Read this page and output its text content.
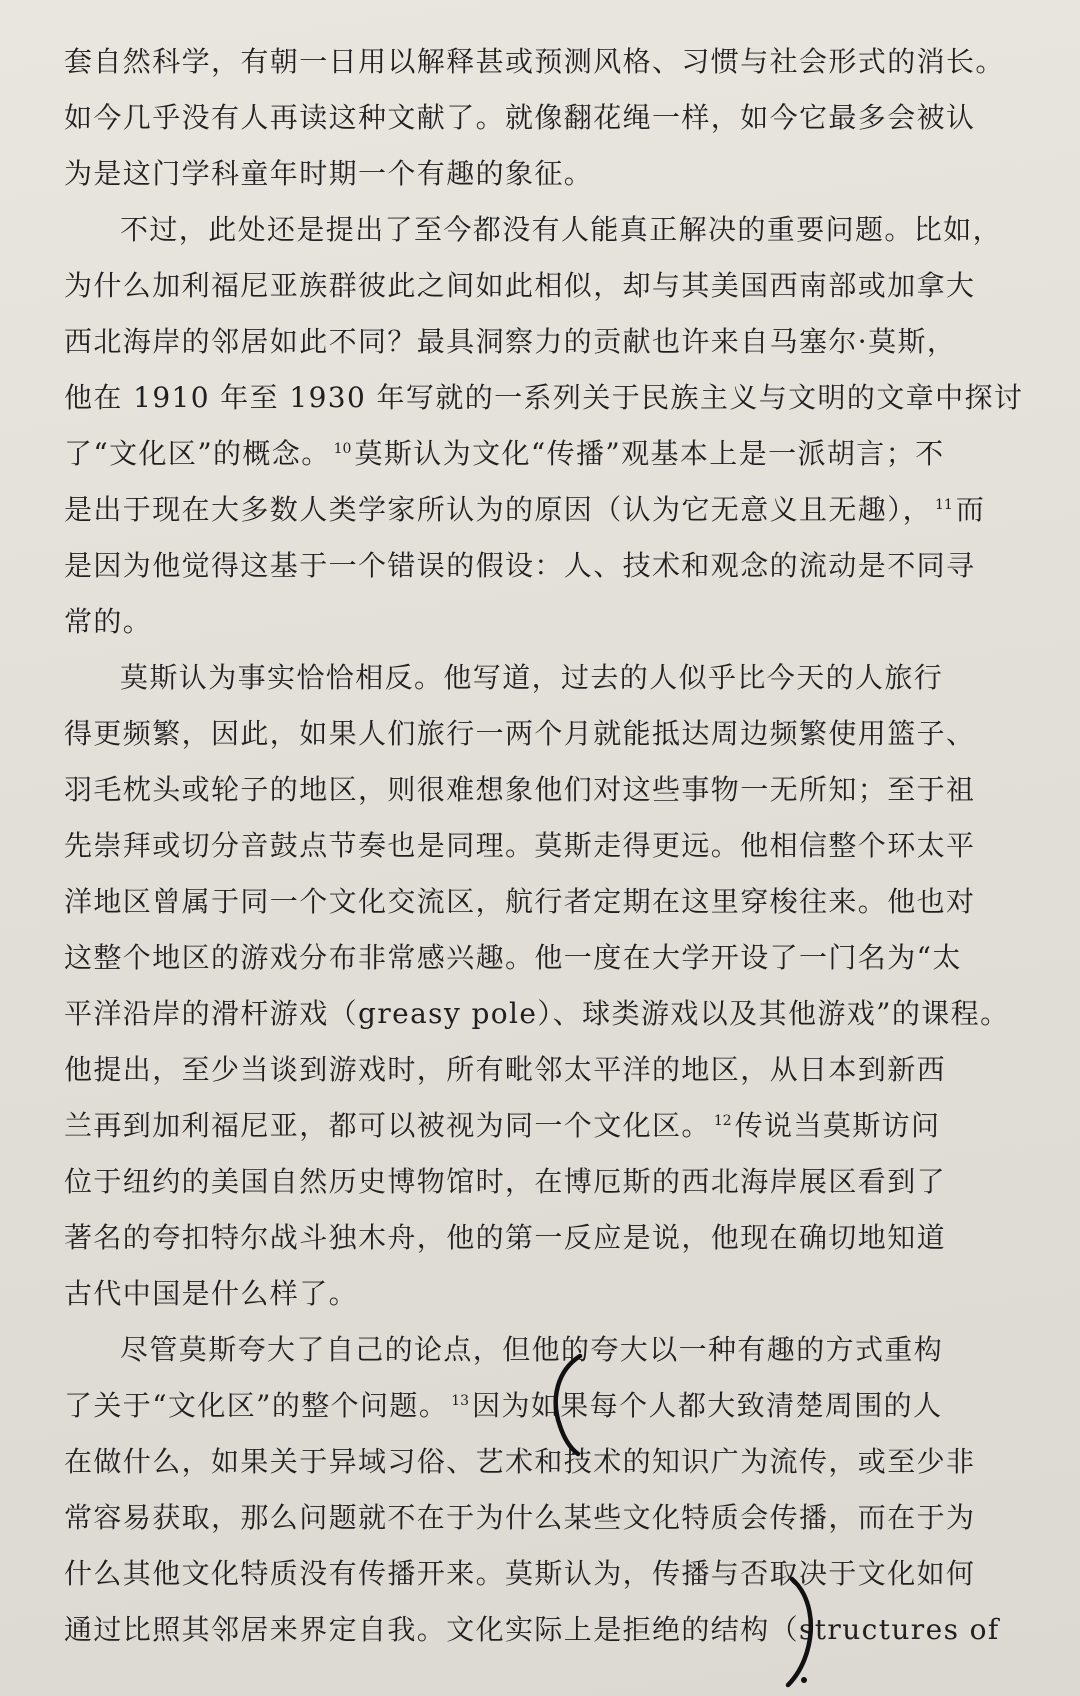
套自然科学，有朝一日用以解释甚或预测风格、习惯与社会形式的消长。
如今几乎没有人再读这种文献了。就像翻花绳一样，如今它最多会被认
为是这门学科童年时期一个有趣的象征。
不过，此处还是提出了至今都没有人能真正解决的重要问题。比如，
为什么加利福尼亚族群彼此之间如此相似，却与其美国西南部或加拿大
西北海岸的邻居如此不同？最具洞察力的贡献也许来自马塞尔·莫斯，
他在 1910 年至 1930 年写就的一系列关于民族主义与文明的文章中探讨
了“文化区”的概念。 $^{10}$ 莫斯认为文化“传播”观基本上是一派胡言；不
是出于现在大多数人类学家所认为的原因（认为它无意义且无趣）， $^{11}$ 而
是因为他觉得这基于一个错误的假设：人、技术和观念的流动是不同寻
常的。
莫斯认为事实恰恰相反。他写道，过去的人似乎比今天的人旅行
得更频繁，因此，如果人们旅行一两个月就能抵达周边频繁使用篮子、
羽毛枕头或轮子的地区，则很难想象他们对这些事物一无所知；至于祖
先崇拜或切分音鼓点节奏也是同理。莫斯走得更远。他相信整个环太平
洋地区曾属于同一个文化交流区，航行者定期在这里穿梭往来。他也对
这整个地区的游戏分布非常感兴趣。他一度在大学开设了一门名为“太
平洋沿岸的滑杆游戏（greasy pole）、球类游戏以及其他游戏”的课程。
他提出，至少当谈到游戏时，所有毗邻太平洋的地区，从日本到新西
兰再到加利福尼亚，都可以被视为同一个文化区。 $^{12}$ 传说当莫斯访问
位于纽约的美国自然历史博物馆时，在博厄斯的西北海岸展区看到了
著名的夸扣特尔战斗独木舟，他的第一反应是说，他现在确切地知道
古代中国是什么样了。
尽管莫斯夸大了自己的论点，但他的夸大以一种有趣的方式重构
了关于“文化区”的整个问题。 $^{13}$ 因为如果每个人都大致清楚周围的人
在做什么，如果关于异域习俗、艺术和技术的知识广为流传，或至少非
常容易获取，那么问题就不在于为什么某些文化特质会传播，而在于为
什么其他文化特质没有传播开来。莫斯认为，传播与否取决于文化如何
通过比照其邻居来界定自我。文化实际上是拒绝的结构（structures of
